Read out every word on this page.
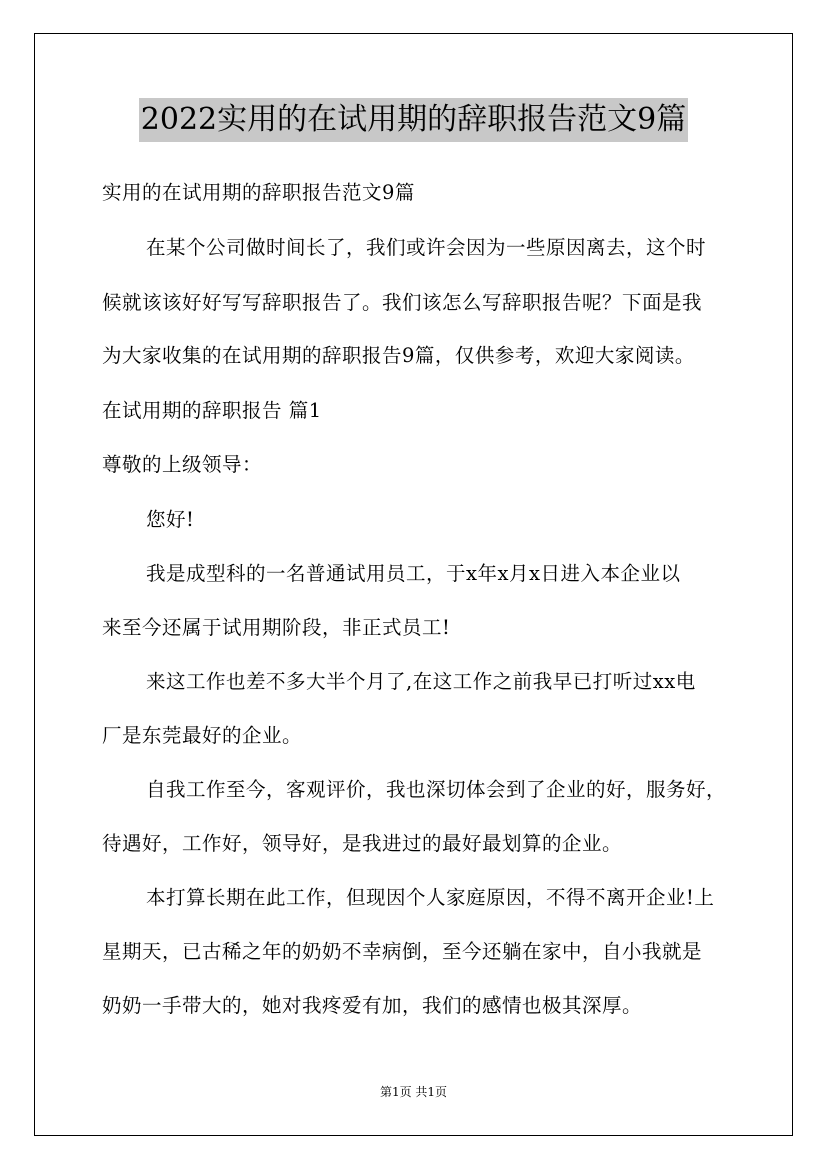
2022实用的在试用期的辞职报告范文9篇
实用的在试用期的辞职报告范文9篇
在某个公司做时间长了，我们或许会因为一些原因离去，这个时
候就该该好好写写辞职报告了。我们该怎么写辞职报告呢？下面是我
为大家收集的在试用期的辞职报告9篇，仅供参考，欢迎大家阅读。
在试用期的辞职报告 篇1
尊敬的上级领导：
您好!
我是成型科的一名普通试用员工，于x年x月x日进入本企业以
来至今还属于试用期阶段，非正式员工!
来这工作也差不多大半个月了,在这工作之前我早已打听过xx电
厂是东莞最好的企业。
自我工作至今，客观评价，我也深切体会到了企业的好，服务好，
待遇好，工作好，领导好，是我进过的最好最划算的企业。
本打算长期在此工作，但现因个人家庭原因，不得不离开企业!上
星期天，已古稀之年的奶奶不幸病倒，至今还躺在家中，自小我就是
奶奶一手带大的，她对我疼爱有加，我们的感情也极其深厚。
第1页 共1页
